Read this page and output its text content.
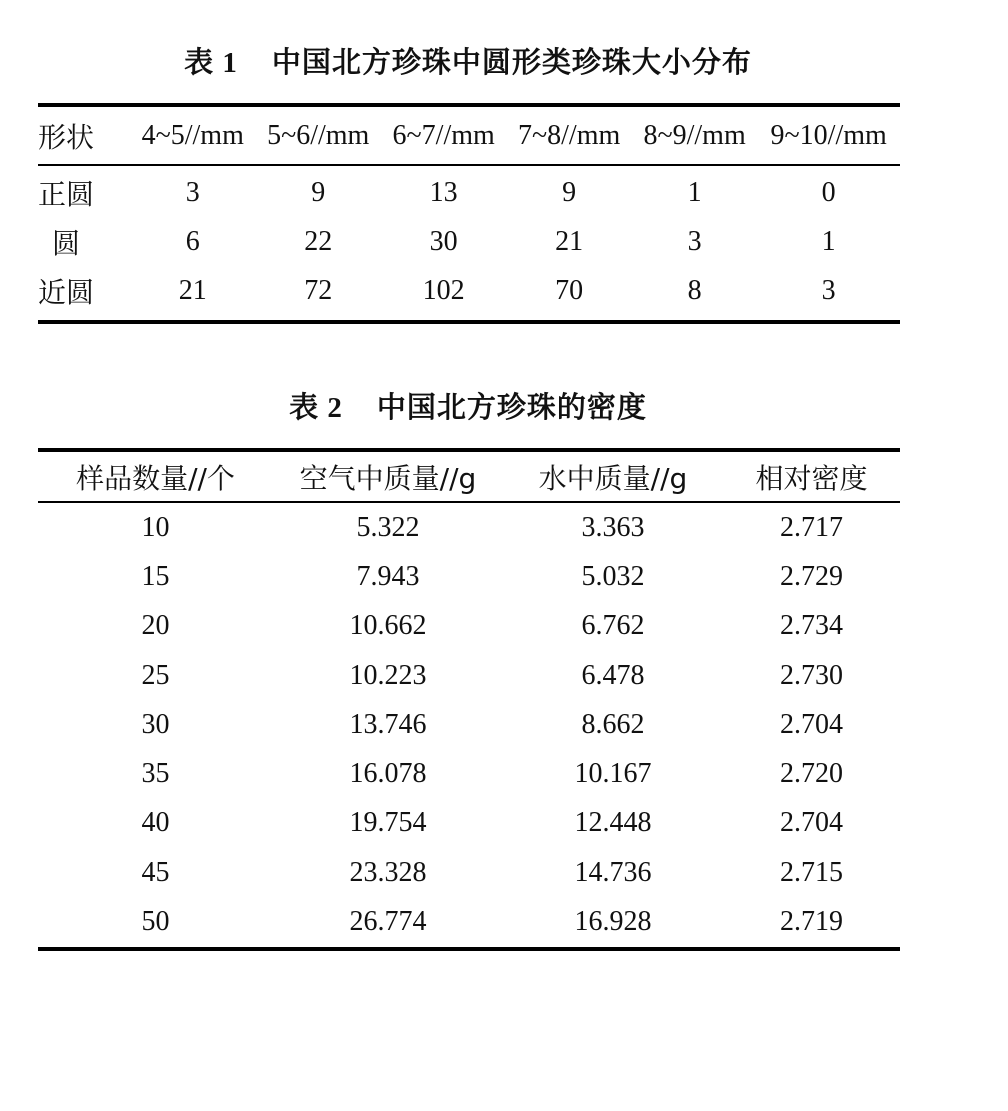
表 1 中国北方珍珠中圆形类珍珠大小分布
形状	4~5//mm	5~6//mm	6~7//mm	7~8//mm	8~9//mm	9~10//mm
正圆	3	9	13	9	1	0
圆	6	22	30	21	3	1
近圆	21	72	102	70	8	3
表 2 中国北方珍珠的密度
样品数量//个	空气中质量//g	水中质量//g	相对密度
10	5.322	3.363	2.717
15	7.943	5.032	2.729
20	10.662	6.762	2.734
25	10.223	6.478	2.730
30	13.746	8.662	2.704
35	16.078	10.167	2.720
40	19.754	12.448	2.704
45	23.328	14.736	2.715
50	26.774	16.928	2.719
